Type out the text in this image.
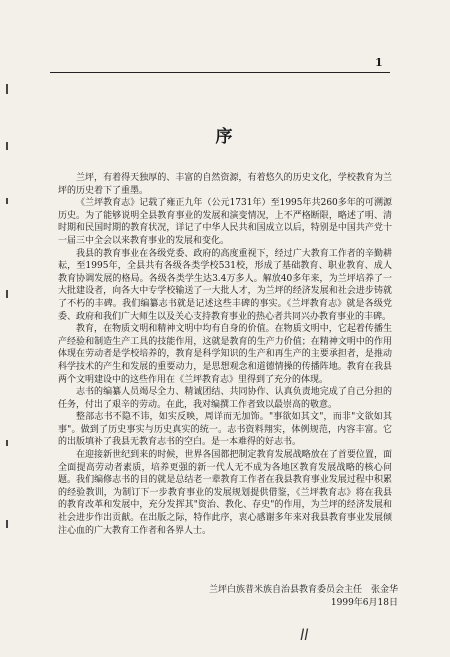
1
序

兰坪，有着得天独厚的、丰富的自然资源，有着悠久的历史文化，学校教育为兰坪的历史着下了重墨。

《兰坪教育志》记载了雍正九年（公元1731年）至1995年共260多年的可溯源历史。为了能够说明全县教育事业的发展和演变情况，上不严格断限，略述了明、清时期和民国时期的教育状况，详记了中华人民共和国成立以后，特别是中国共产党十一届三中全会以来教育事业的发展和变化。

我县的教育事业在各级党委、政府的高度重视下，经过广大教育工作者的辛勤耕耘，至1995年，全县共有各级各类学校531校，形成了基础教育、职业教育、成人教育协调发展的格局。各级各类学生达3.4万多人。解放40多年来，为兰坪培养了一大批建设者，向各大中专学校输送了一大批人才，为兰坪的经济发展和社会进步铸就了不朽的丰碑。我们编纂志书就是记述这些丰碑的事实。《兰坪教育志》就是各级党委、政府和我们广大师生以及关心支持教育事业的热心者共同兴办教育事业的丰碑。

教育，在物质文明和精神文明中均有自身的价值。在物质文明中，它起着传播生产经验和制造生产工具的技能作用，这就是教育的生产力价值；在精神文明中的作用体现在劳动者是学校培养的，教育是科学知识的生产和再生产的主要承担者，是推动科学技术的产生和发展的重要动力，是思想观念和道德情操的传播阵地。教育在我县两个文明建设中的这些作用在《兰坪教育志》里得到了充分的体现。

志书的编纂人员竭尽全力、精诚团结、共同协作、认真负责地完成了自己分担的任务，付出了艰辛的劳动。在此，我对编撰工作者致以最崇高的敬意。

整部志书不隐不讳，如实反映，周详而无加饰。"事欲如其文"，而非"文欲如其事"。做到了历史事实与历史真实的统一。志书资料翔实，体例规范，内容丰富。它的出版填补了我县无教育志书的空白。是一本难得的好志书。

在迎接新世纪到来的时候，世界各国都把制定教育发展战略放在了首要位置，面全面提高劳动者素质，培养更强的新一代人无不成为各地区教育发展战略的核心问题。我们编修志书的目的就是总结老一辈教育工作者在我县教育事业发展过程中积累的经验教训，为制订下一步教育事业的发展规划提供借鉴，《兰坪教育志》将在我县的教育改革和发展中，充分发挥其"资治、教化、存史"的作用，为兰坪的经济发展和社会进步作出贡献。在出版之际，特作此序，衷心感谢多年来对我县教育事业发展倾注心血的广大教育工作者和各界人士。

兰坪白族普米族自治县教育委员会主任　张金华
1999年6月18日
ll
